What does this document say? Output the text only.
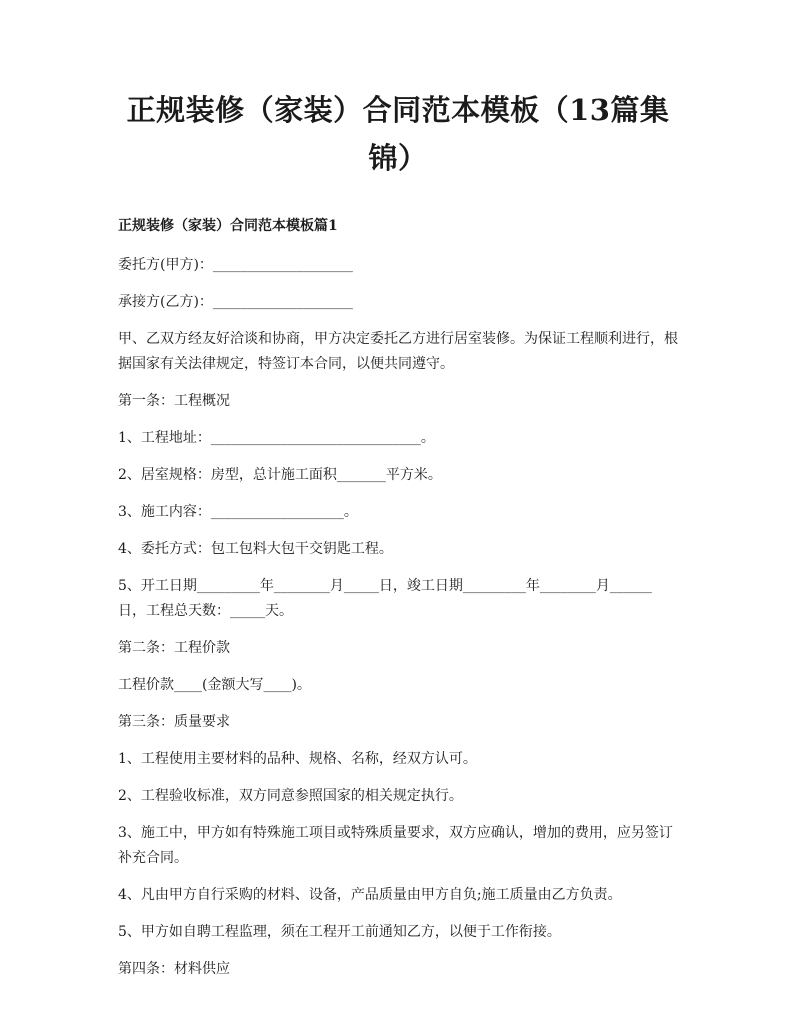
正规装修（家装）合同范本模板（13篇集锦）
正规装修（家装）合同范本模板篇1

委托方(甲方)：____________________

承接方(乙方)：____________________

甲、乙双方经友好洽谈和协商，甲方决定委托乙方进行居室装修。为保证工程顺利进行，根据国家有关法律规定，特签订本合同，以便共同遵守。

第一条：工程概况

1、工程地址：______________________________。

2、居室规格：房型，总计施工面积_______平方米。

3、施工内容：___________________。

4、委托方式：包工包料大包干交钥匙工程。

5、开工日期_________年________月_____日，竣工日期_________年________月______日，工程总天数：_____天。

第二条：工程价款

工程价款____(金额大写____)。

第三条：质量要求

1、工程使用主要材料的品种、规格、名称，经双方认可。

2、工程验收标准，双方同意参照国家的相关规定执行。

3、施工中，甲方如有特殊施工项目或特殊质量要求，双方应确认，增加的费用，应另签订补充合同。

4、凡由甲方自行采购的材料、设备，产品质量由甲方自负;施工质量由乙方负责。

5、甲方如自聘工程监理，须在工程开工前通知乙方，以便于工作衔接。

第四条：材料供应
